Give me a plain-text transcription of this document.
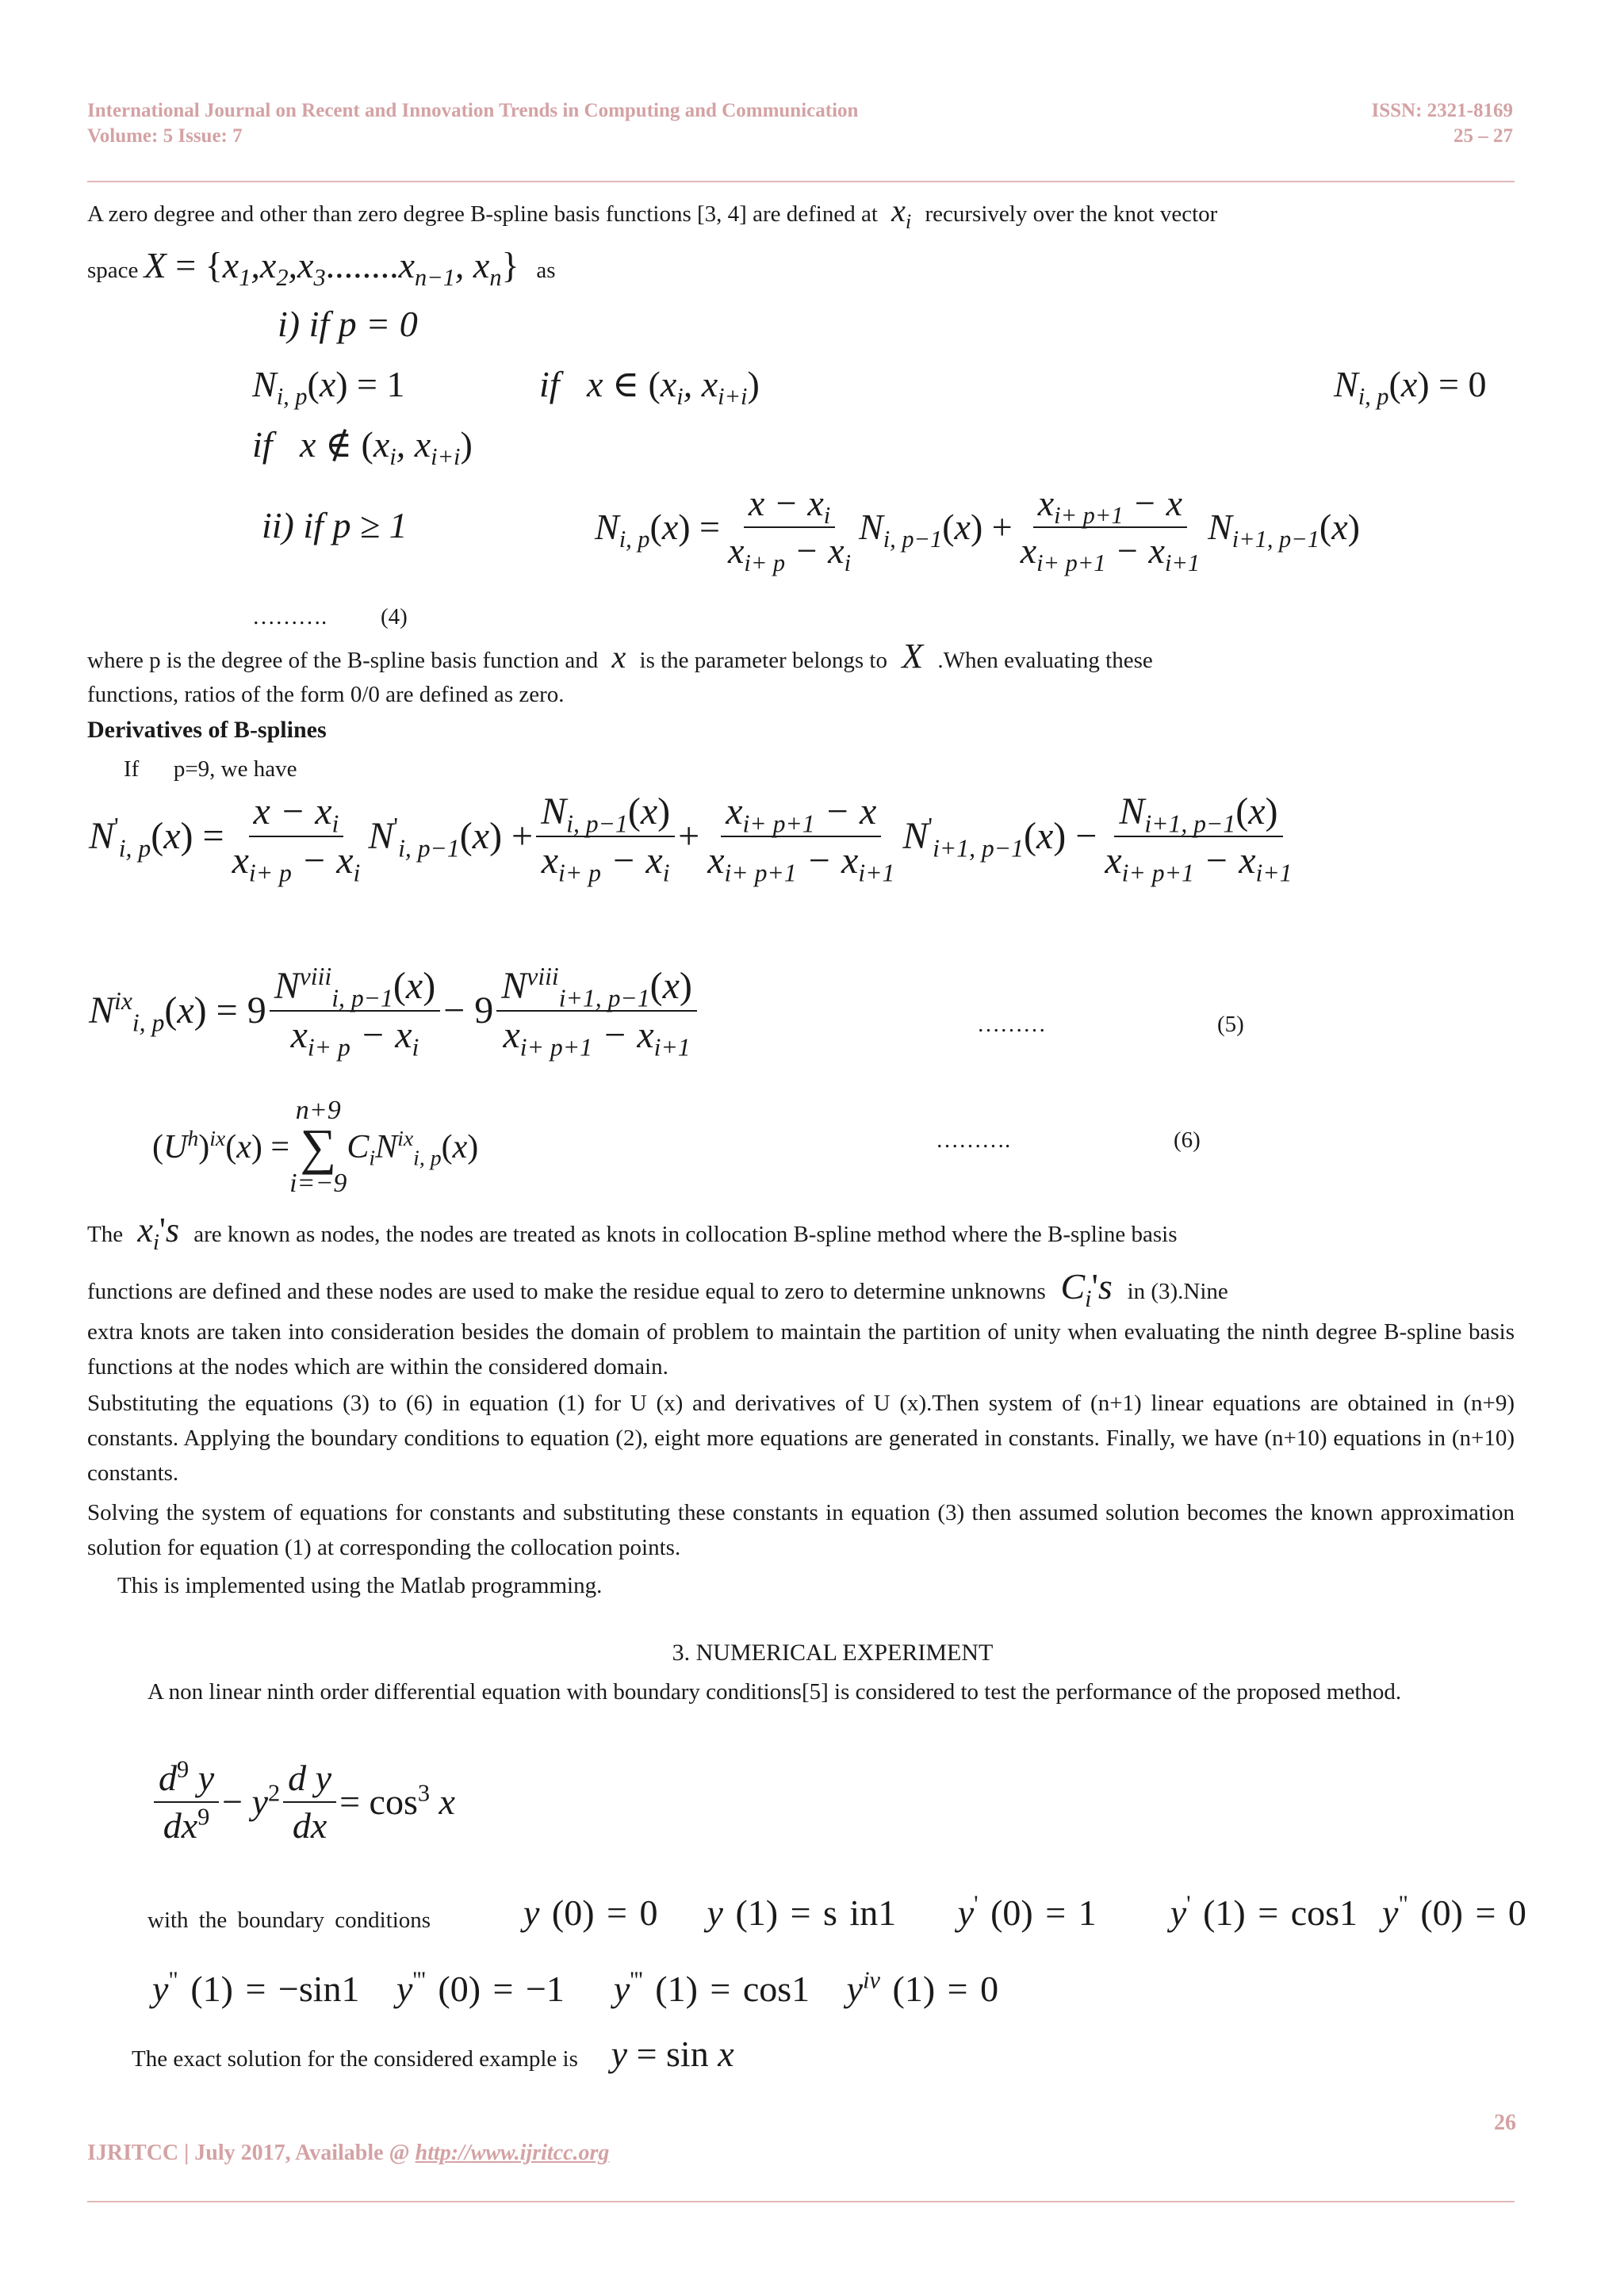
International Journal on Recent and Innovation Trends in Computing and Communication
Volume: 5 Issue: 7
ISSN: 2321-8169
25 – 27
A zero degree and other than zero degree B-spline basis functions [3, 4] are defined at  $x_i$ recursively over the knot vector
space $X = \{x_1,x_2,x_3........x_{n-1}$, $x_n$} as
i) if p = 0
$N_{i, p}(x) = 1$	if   x ∈ ($x_i$, $x_{i+i}$)	$N_{i, p}(x) = 0$
if   x ∉ ($x_i$, $x_{i+i}$)
ii) if p ≥ 1	$N_{i, p}(x) = \frac{x - x_i}{x_{i+ p} - x_i} N_{i, p-1}(x) + \frac{x_{i+ p+1} - x}{x_{i+ p+1} - x_{i+1}} N_{i+1, p-1}(x)$
………. (4)
where p is the degree of the B-spline basis function and  x  is the parameter belongs to  X  .When evaluating these
functions, ratios of the form 0/0 are defined as zero.
Derivatives of B-splines
If      p=9, we have
$N'_{i, p}(x) = \frac{x - x_i}{x_{i+ p} - x_i} N'_{i, p-1}(x) + \frac{N_{i, p-1}(x)}{x_{i+ p} - x_i} + \frac{x_{i+ p+1} - x}{x_{i+ p+1} - x_{i+1}} N'_{i+1, p-1}(x) - \frac{N_{i+1, p-1}(x)}{x_{i+ p+1} - x_{i+1}}$
$N^{ix}_{i, p}(x) = 9 \frac{N^{viii}_{i, p-1}(x)}{x_{i+ p} - x_i} - 9 \frac{N^{viii}_{i+1, p-1}(x)}{x_{i+ p+1} - x_{i+1}}$	………	(5)
$(U^h)^{ix}(x)$ =
n+9
∑
i=−9
$C_iN^{ix}_{i, p}(x)$	……….	(6)
The  $x_i's$  are known as nodes, the nodes are treated as knots in collocation B-spline method where the B-spline basis
functions are defined and these nodes are used to make the residue equal to zero to determine unknowns  $C_i's$  in (3).Nine
extra knots are taken into consideration besides the domain of problem to maintain the partition of unity when evaluating the ninth degree B-spline basis functions at the nodes which are within the considered domain.
Substituting the equations (3) to (6) in equation (1) for U (x) and derivatives of U (x).Then system of (n+1) linear equations are obtained in (n+9) constants. Applying the boundary conditions to equation (2), eight more equations are generated in constants. Finally, we have (n+10) equations in (n+10) constants.
Solving the system of equations for constants and substituting these constants in equation (3) then assumed solution becomes the known approximation solution for equation (1) at corresponding the collocation points.
This is implemented using the Matlab programming.
3. NUMERICAL EXPERIMENT
A non linear ninth order differential equation with boundary conditions[5] is considered to test the performance of the proposed method.
$\frac{d^9 y}{dx^9} - y^2 \frac{\text{d y}}{dx} = \cos^3 x$
with the boundary conditions	y (0) = 0    y (1) = s in1     y' (0) = 1      y' (1) = cos1  y" (0) = 0
y" (1) = −sin1   y''' (0) = −1    y''' (1) = cos1   $y^{iv}$ (1) = 0
The exact solution for the considered example is    y = sin x
26
IJRITCC | July 2017, Available @ http://www.ijritcc.org
